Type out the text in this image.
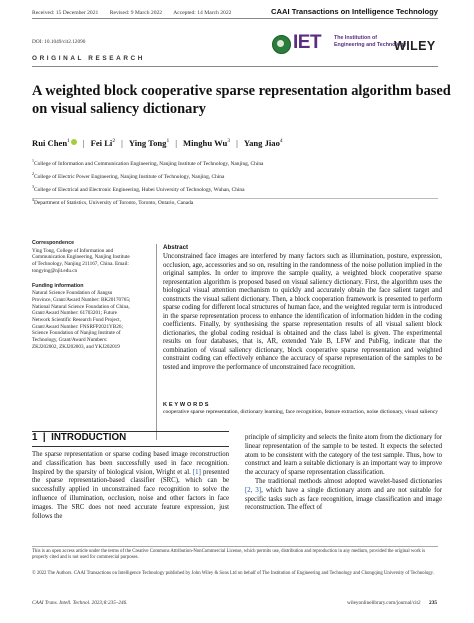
Received: 15 December 2021 Revised: 9 March 2022 Accepted: 14 March 2022	CAAI Transactions on Intelligence Technology
DOI: 10.1049/cit2.12090	IET The Institution of
Engineering and Technology
WILEY
ORIGINAL RESEARCH
A weighted block cooperative sparse representation algorithm based on visual saliency dictionary
Rui Chen$^1$ | Fei Li$^2$ | Ying Tong$^1$ | Minghu Wu$^3$ | Yang Jiao$^4$
$^1$College of Information and Communication Engineering, Nanjing Institute of Technology, Nanjing, China
$^2$College of Electric Power Engineering, Nanjing Institute of Technology, Nanjing, China
$^3$College of Electrical and Electronic Engineering, Hubei University of Technology, Wuhan, China
$^4$Department of Statistics, University of Toronto, Toronto, Ontario, Canada
Correspondence
Ying Tong, College of Information and Communication Engineering, Nanjing Institute of Technology, Nanjing 211167, China. Email: tongying@njit.edu.cn
Funding information
Natural Science Foundation of Jiangsu Province, Grant/Award Number: BK20170765; National Natural Science Foundation of China, Grant/Award Number: 61703201; Future Network Scientific Research Fund Project, Grant/Award Number: FNSRFP2021YB26; Science Foundation of Nanjing Institute of Technology, Grant/Award Numbers: ZKJ202002, ZKJ202003, and YKJ202019
Abstract
Unconstrained face images are interfered by many factors such as illumination, posture, expression, occlusion, age, accessories and so on, resulting in the randomness of the noise pollution implied in the original samples. In order to improve the sample quality, a weighted block cooperative sparse representation algorithm is proposed based on visual saliency dictionary. First, the algorithm uses the biological visual attention mechanism to quickly and accurately obtain the face salient target and constructs the visual salient dictionary. Then, a block cooperation framework is presented to perform sparse coding for different local structures of human face, and the weighted regular term is introduced in the sparse representation process to enhance the identification of information hidden in the coding coefficients. Finally, by synthesising the sparse representation results of all visual salient block dictionaries, the global coding residual is obtained and the class label is given. The experimental results on four databases, that is, AR, extended Yale B, LFW and PubFig, indicate that the combination of visual saliency dictionary, block cooperative sparse representation and weighted constraint coding can effectively enhance the accuracy of sparse representation of the samples to be tested and improve the performance of unconstrained face recognition.
KEYWORDS
cooperative sparse representation, dictionary learning, face recognition, feature extraction, noise dictionary, visual saliency
1  |  INTRODUCTION
The sparse representation or sparse coding based image reconstruction and classification has been successfully used in face recognition. Inspired by the sparsity of biological vision, Wright et al. [1] presented the sparse representation-based classifier (SRC), which can be successfully applied in unconstrained face recognition to solve the influence of illumination, occlusion, noise and other factors in face images. The SRC does not need accurate feature expression, just follows the
principle of simplicity and selects the finite atom from the dictionary for linear representation of the sample to be tested. It expects the selected atom to be consistent with the category of the test sample. Thus, how to construct and learn a suitable dictionary is an important way to improve the accuracy of sparse representation classification.
The traditional methods almost adopted wavelet-based dictionaries [2, 3], which have a single dictionary atom and are not suitable for specific tasks such as face recognition, image classification and image reconstruction. The effect of
This is an open access article under the terms of the Creative Commons Attribution-NonCommercial License, which permits use, distribution and reproduction in any medium, provided the original work is properly cited and is not used for commercial purposes.
© 2022 The Authors. CAAI Transactions on Intelligence Technology published by John Wiley & Sons Ltd on behalf of The Institution of Engineering and Technology and Chongqing University of Technology.
CAAI Trans. Intell. Technol. 2023;8:235–246.	wileyonlinelibrary.com/journal/cit2 235
